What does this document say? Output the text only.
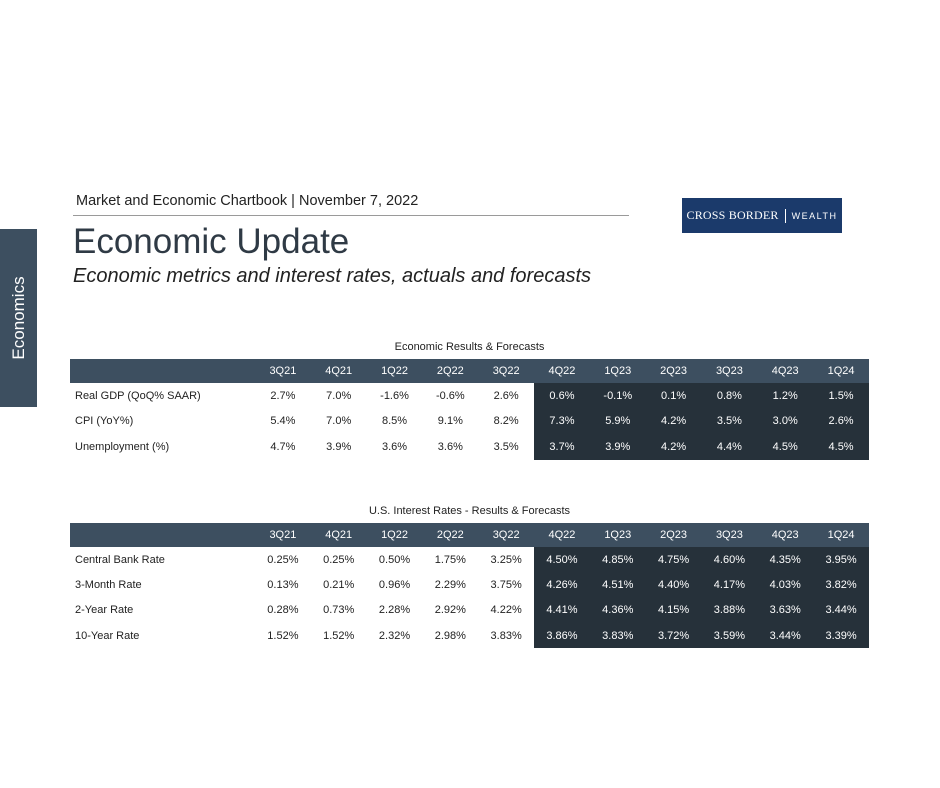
Economics
Market and Economic Chartbook | November 7, 2022
Economic Update
Economic metrics and interest rates, actuals and forecasts
CROSS BORDER WEALTH
Economic Results & Forecasts
	3Q21	4Q21	1Q22	2Q22	3Q22	4Q22	1Q23	2Q23	3Q23	4Q23	1Q24
Real GDP (QoQ% SAAR)	2.7%	7.0%	-1.6%	-0.6%	2.6%	0.6%	-0.1%	0.1%	0.8%	1.2%	1.5%
CPI (YoY%)	5.4%	7.0%	8.5%	9.1%	8.2%	7.3%	5.9%	4.2%	3.5%	3.0%	2.6%
Unemployment (%)	4.7%	3.9%	3.6%	3.6%	3.5%	3.7%	3.9%	4.2%	4.4%	4.5%	4.5%
U.S. Interest Rates - Results & Forecasts
	3Q21	4Q21	1Q22	2Q22	3Q22	4Q22	1Q23	2Q23	3Q23	4Q23	1Q24
Central Bank Rate	0.25%	0.25%	0.50%	1.75%	3.25%	4.50%	4.85%	4.75%	4.60%	4.35%	3.95%
3-Month Rate	0.13%	0.21%	0.96%	2.29%	3.75%	4.26%	4.51%	4.40%	4.17%	4.03%	3.82%
2-Year Rate	0.28%	0.73%	2.28%	2.92%	4.22%	4.41%	4.36%	4.15%	3.88%	3.63%	3.44%
10-Year Rate	1.52%	1.52%	2.32%	2.98%	3.83%	3.86%	3.83%	3.72%	3.59%	3.44%	3.39%
